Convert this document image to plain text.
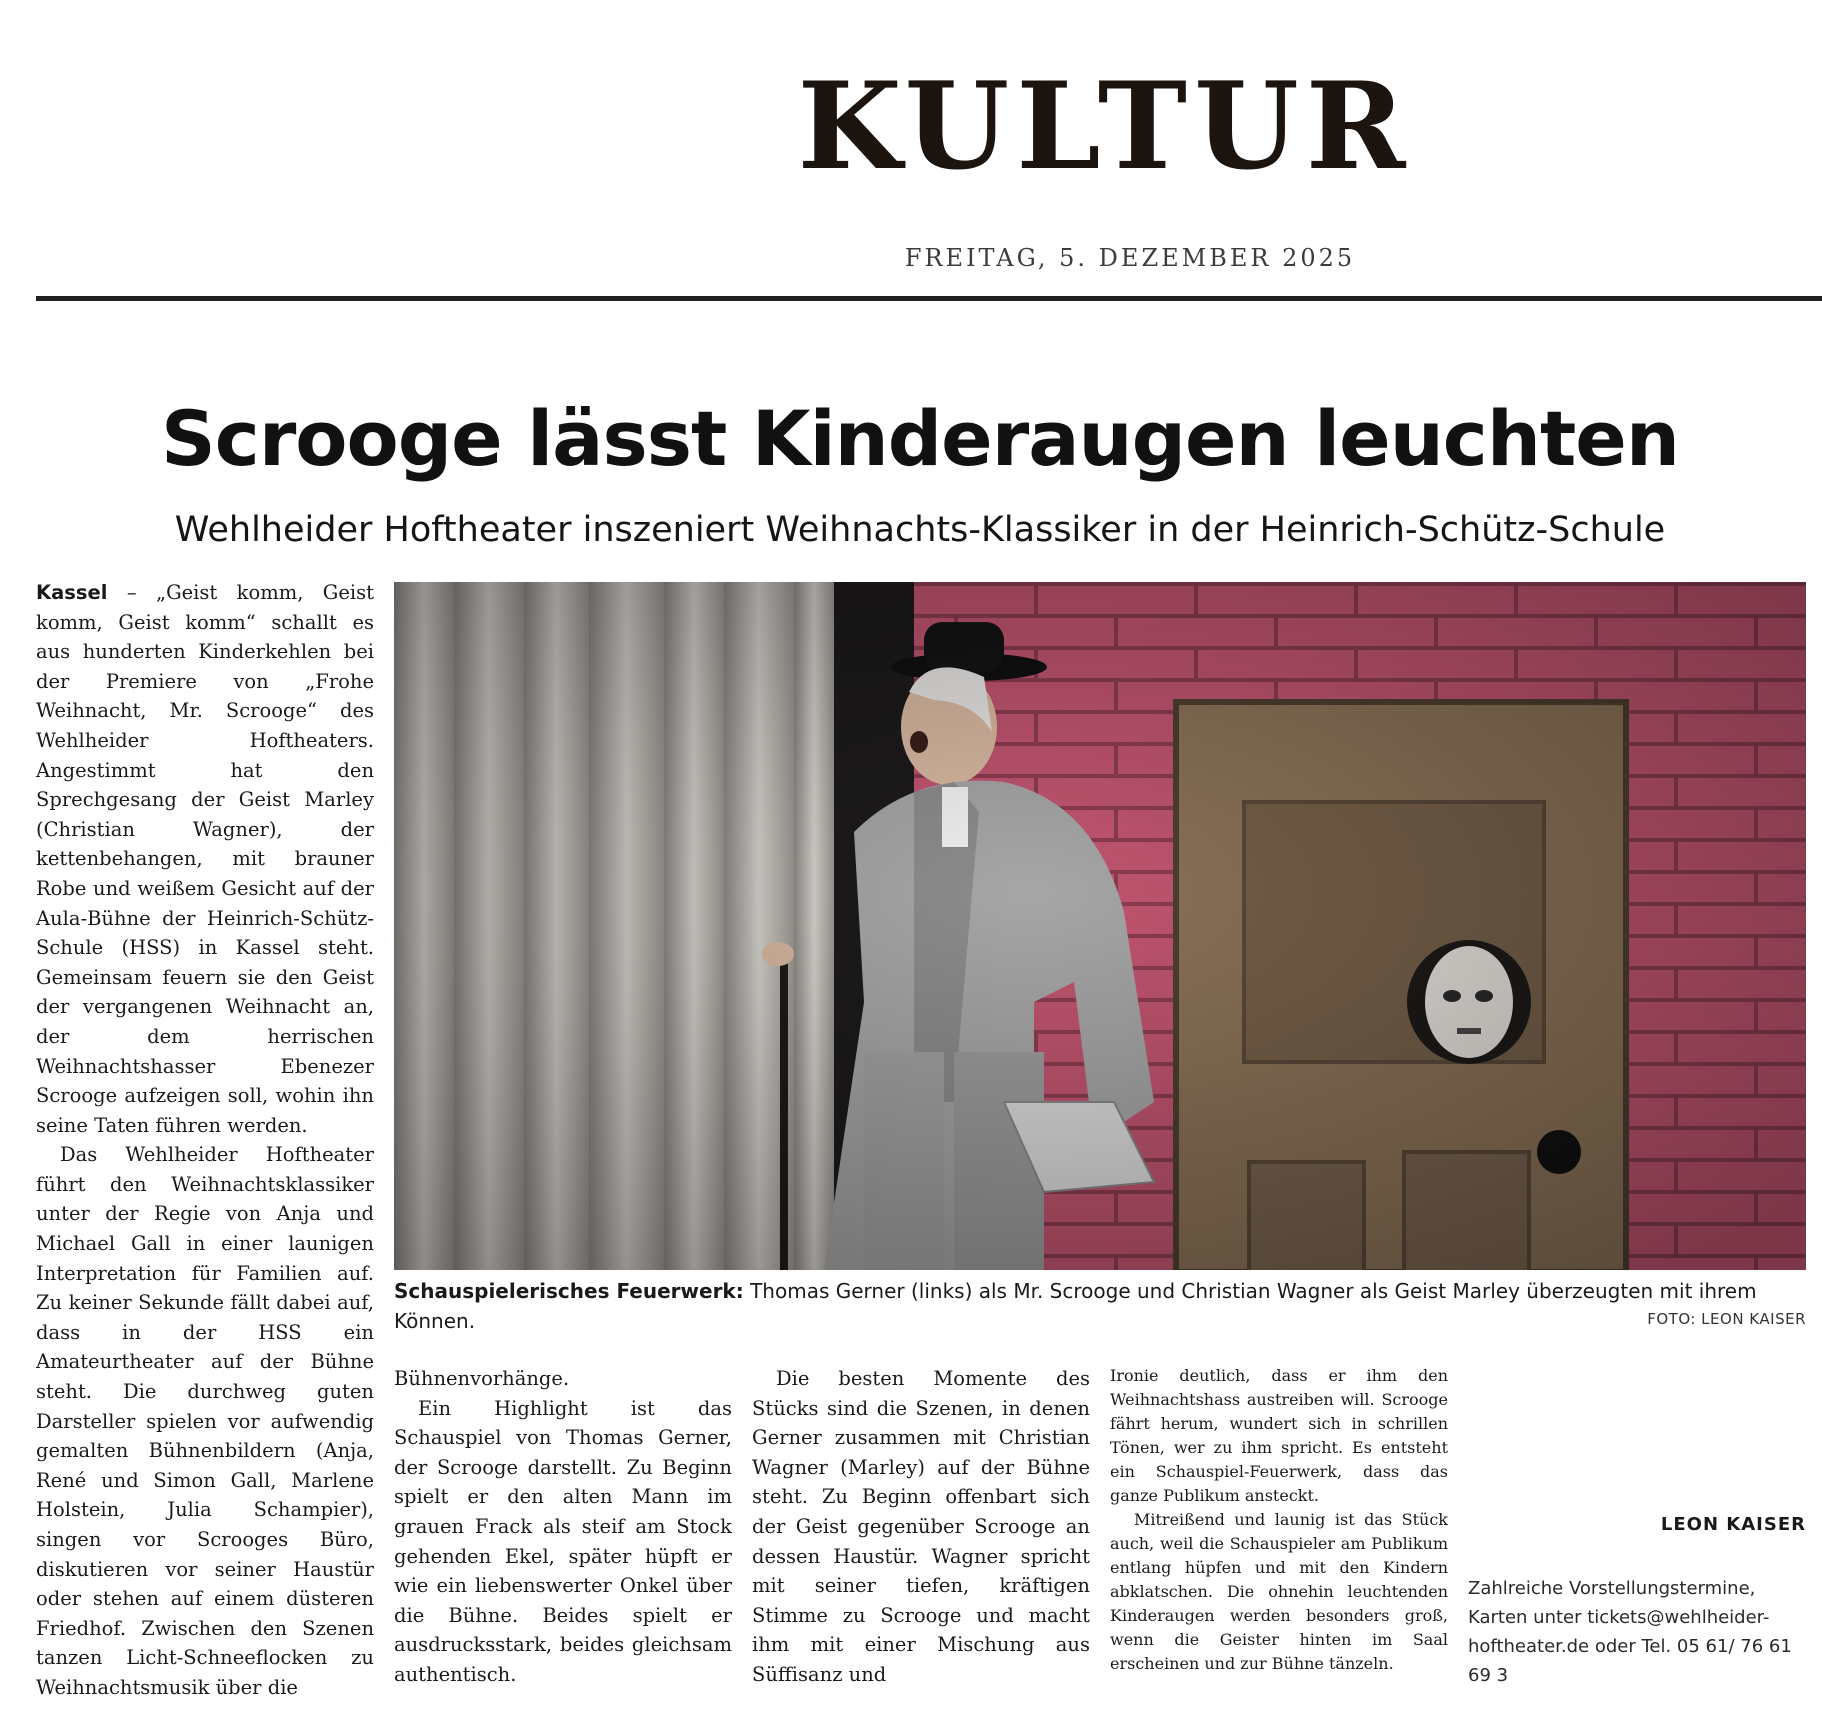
KULTUR
FREITAG, 5. DEZEMBER 2025
Scrooge lässt Kinderaugen leuchten
Wehlheider Hoftheater inszeniert Weihnachts-Klassiker in der Heinrich-Schütz-Schule

Kassel – „Geist komm, Geist komm, Geist komm“ schallt es aus hunderten Kinderkehlen bei der Premiere von „Frohe Weihnacht, Mr. Scrooge“ des Wehlheider Hoftheaters. Angestimmt hat den Sprechgesang der Geist Marley (Christian Wagner), der kettenbehangen, mit brauner Robe und weißem Gesicht auf der Aula-Bühne der Heinrich-Schütz-Schule (HSS) in Kassel steht. Gemeinsam feuern sie den Geist der vergangenen Weihnacht an, der dem herrischen Weihnachtshasser Ebenezer Scrooge aufzeigen soll, wohin ihn seine Taten führen werden.

Das Wehlheider Hoftheater führt den Weihnachtsklassiker unter der Regie von Anja und Michael Gall in einer launigen Interpretation für Familien auf. Zu keiner Sekunde fällt dabei auf, dass in der HSS ein Amateurtheater auf der Bühne steht. Die durchweg guten Darsteller spielen vor aufwendig gemalten Bühnenbildern (Anja, René und Simon Gall, Marlene Holstein, Julia Schampier), singen vor Scrooges Büro, diskutieren vor seiner Haustür oder stehen auf einem düsteren Friedhof. Zwischen den Szenen tanzen Licht-Schneeflocken zu Weihnachtsmusik über die

Schauspielerisches Feuerwerk: Thomas Gerner (links) als Mr. Scrooge und Christian Wagner als Geist Marley überzeugten mit ihrem Können.	FOTO: LEON KAISER

Bühnenvorhänge.

Ein Highlight ist das Schauspiel von Thomas Gerner, der Scrooge darstellt. Zu Beginn spielt er den alten Mann im grauen Frack als steif am Stock gehenden Ekel, später hüpft er wie ein liebenswerter Onkel über die Bühne. Beides spielt er ausdrucksstark, beides gleichsam authentisch.

Die besten Momente des Stücks sind die Szenen, in denen Gerner zusammen mit Christian Wagner (Marley) auf der Bühne steht. Zu Beginn offenbart sich der Geist gegenüber Scrooge an dessen Haustür. Wagner spricht mit seiner tiefen, kräftigen Stimme zu Scrooge und macht ihm mit einer Mischung aus Süffisanz und

Ironie deutlich, dass er ihm den Weihnachtshass austreiben will. Scrooge fährt herum, wundert sich in schrillen Tönen, wer zu ihm spricht. Es entsteht ein Schauspiel-Feuerwerk, dass das ganze Publikum ansteckt.

Mitreißend und launig ist das Stück auch, weil die Schauspieler am Publikum entlang hüpfen und mit den Kindern abklatschen. Die ohnehin leuchtenden Kinderaugen werden besonders groß, wenn die Geister hinten im Saal erscheinen und zur Bühne tänzeln.

LEON KAISER
Zahlreiche Vorstellungstermine, Karten unter tickets@wehlheider-hoftheater.de oder Tel. 05 61/ 76 61 69 3
